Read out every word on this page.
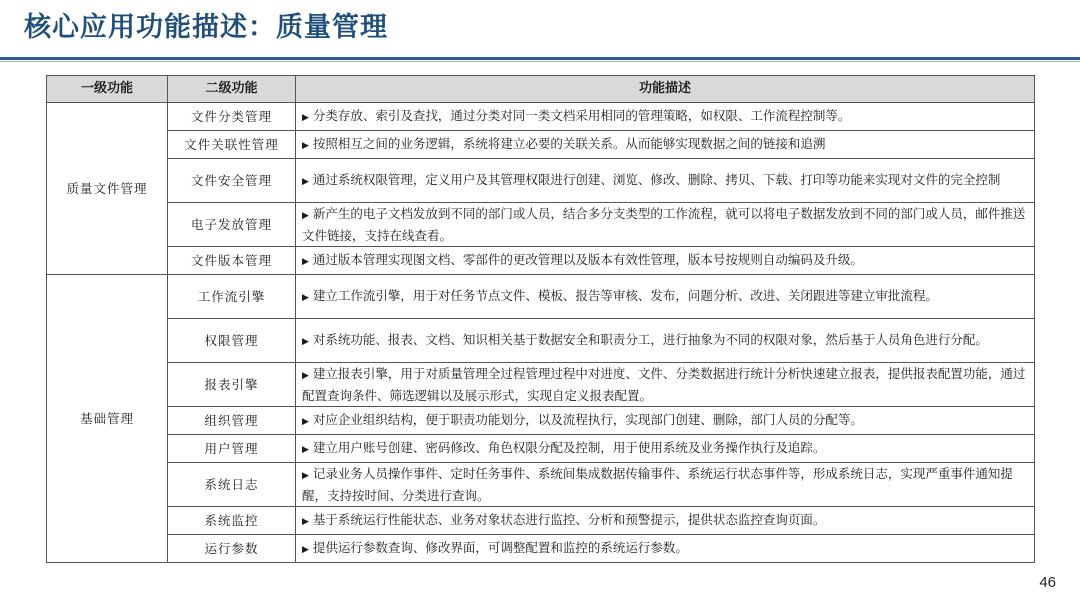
核心应用功能描述：质量管理
一级功能	二级功能	功能描述
质量文件管理	文件分类管理	▶ 分类存放、索引及查找，通过分类对同一类文档采用相同的管理策略，如权限、工作流程控制等。
	文件关联性管理	▶ 按照相互之间的业务逻辑，系统将建立必要的关联关系。从而能够实现数据之间的链接和追溯
	文件安全管理	▶ 通过系统权限管理，定义用户及其管理权限进行创建、浏览、修改、删除、拷贝、下载、打印等功能来实现对文件的完全控制
	电子发放管理	▶ 新产生的电子文档发放到不同的部门或人员，结合多分支类型的工作流程，就可以将电子数据发放到不同的部门或人员，邮件推送文件链接，支持在线查看。
	文件版本管理	▶ 通过版本管理实现图文档、零部件的更改管理以及版本有效性管理，版本号按规则自动编码及升级。
基础管理	工作流引擎	▶ 建立工作流引擎，用于对任务节点文件、模板、报告等审核、发布，问题分析、改进、关闭跟进等建立审批流程。
	权限管理	▶ 对系统功能、报表、文档、知识相关基于数据安全和职责分工，进行抽象为不同的权限对象，然后基于人员角色进行分配。
	报表引擎	▶ 建立报表引擎，用于对质量管理全过程管理过程中对进度、文件、分类数据进行统计分析快速建立报表，提供报表配置功能，通过配置查询条件、筛选逻辑以及展示形式，实现自定义报表配置。
	组织管理	▶ 对应企业组织结构，便于职责功能划分，以及流程执行，实现部门创建、删除，部门人员的分配等。
	用户管理	▶ 建立用户账号创建、密码修改、角色权限分配及控制，用于使用系统及业务操作执行及追踪。
	系统日志	▶ 记录业务人员操作事件、定时任务事件、系统间集成数据传输事件、系统运行状态事件等，形成系统日志，实现严重事件通知提醒，支持按时间、分类进行查询。
	系统监控	▶ 基于系统运行性能状态、业务对象状态进行监控、分析和预警提示，提供状态监控查询页面。
	运行参数	▶ 提供运行参数查询、修改界面，可调整配置和监控的系统运行参数。
46
